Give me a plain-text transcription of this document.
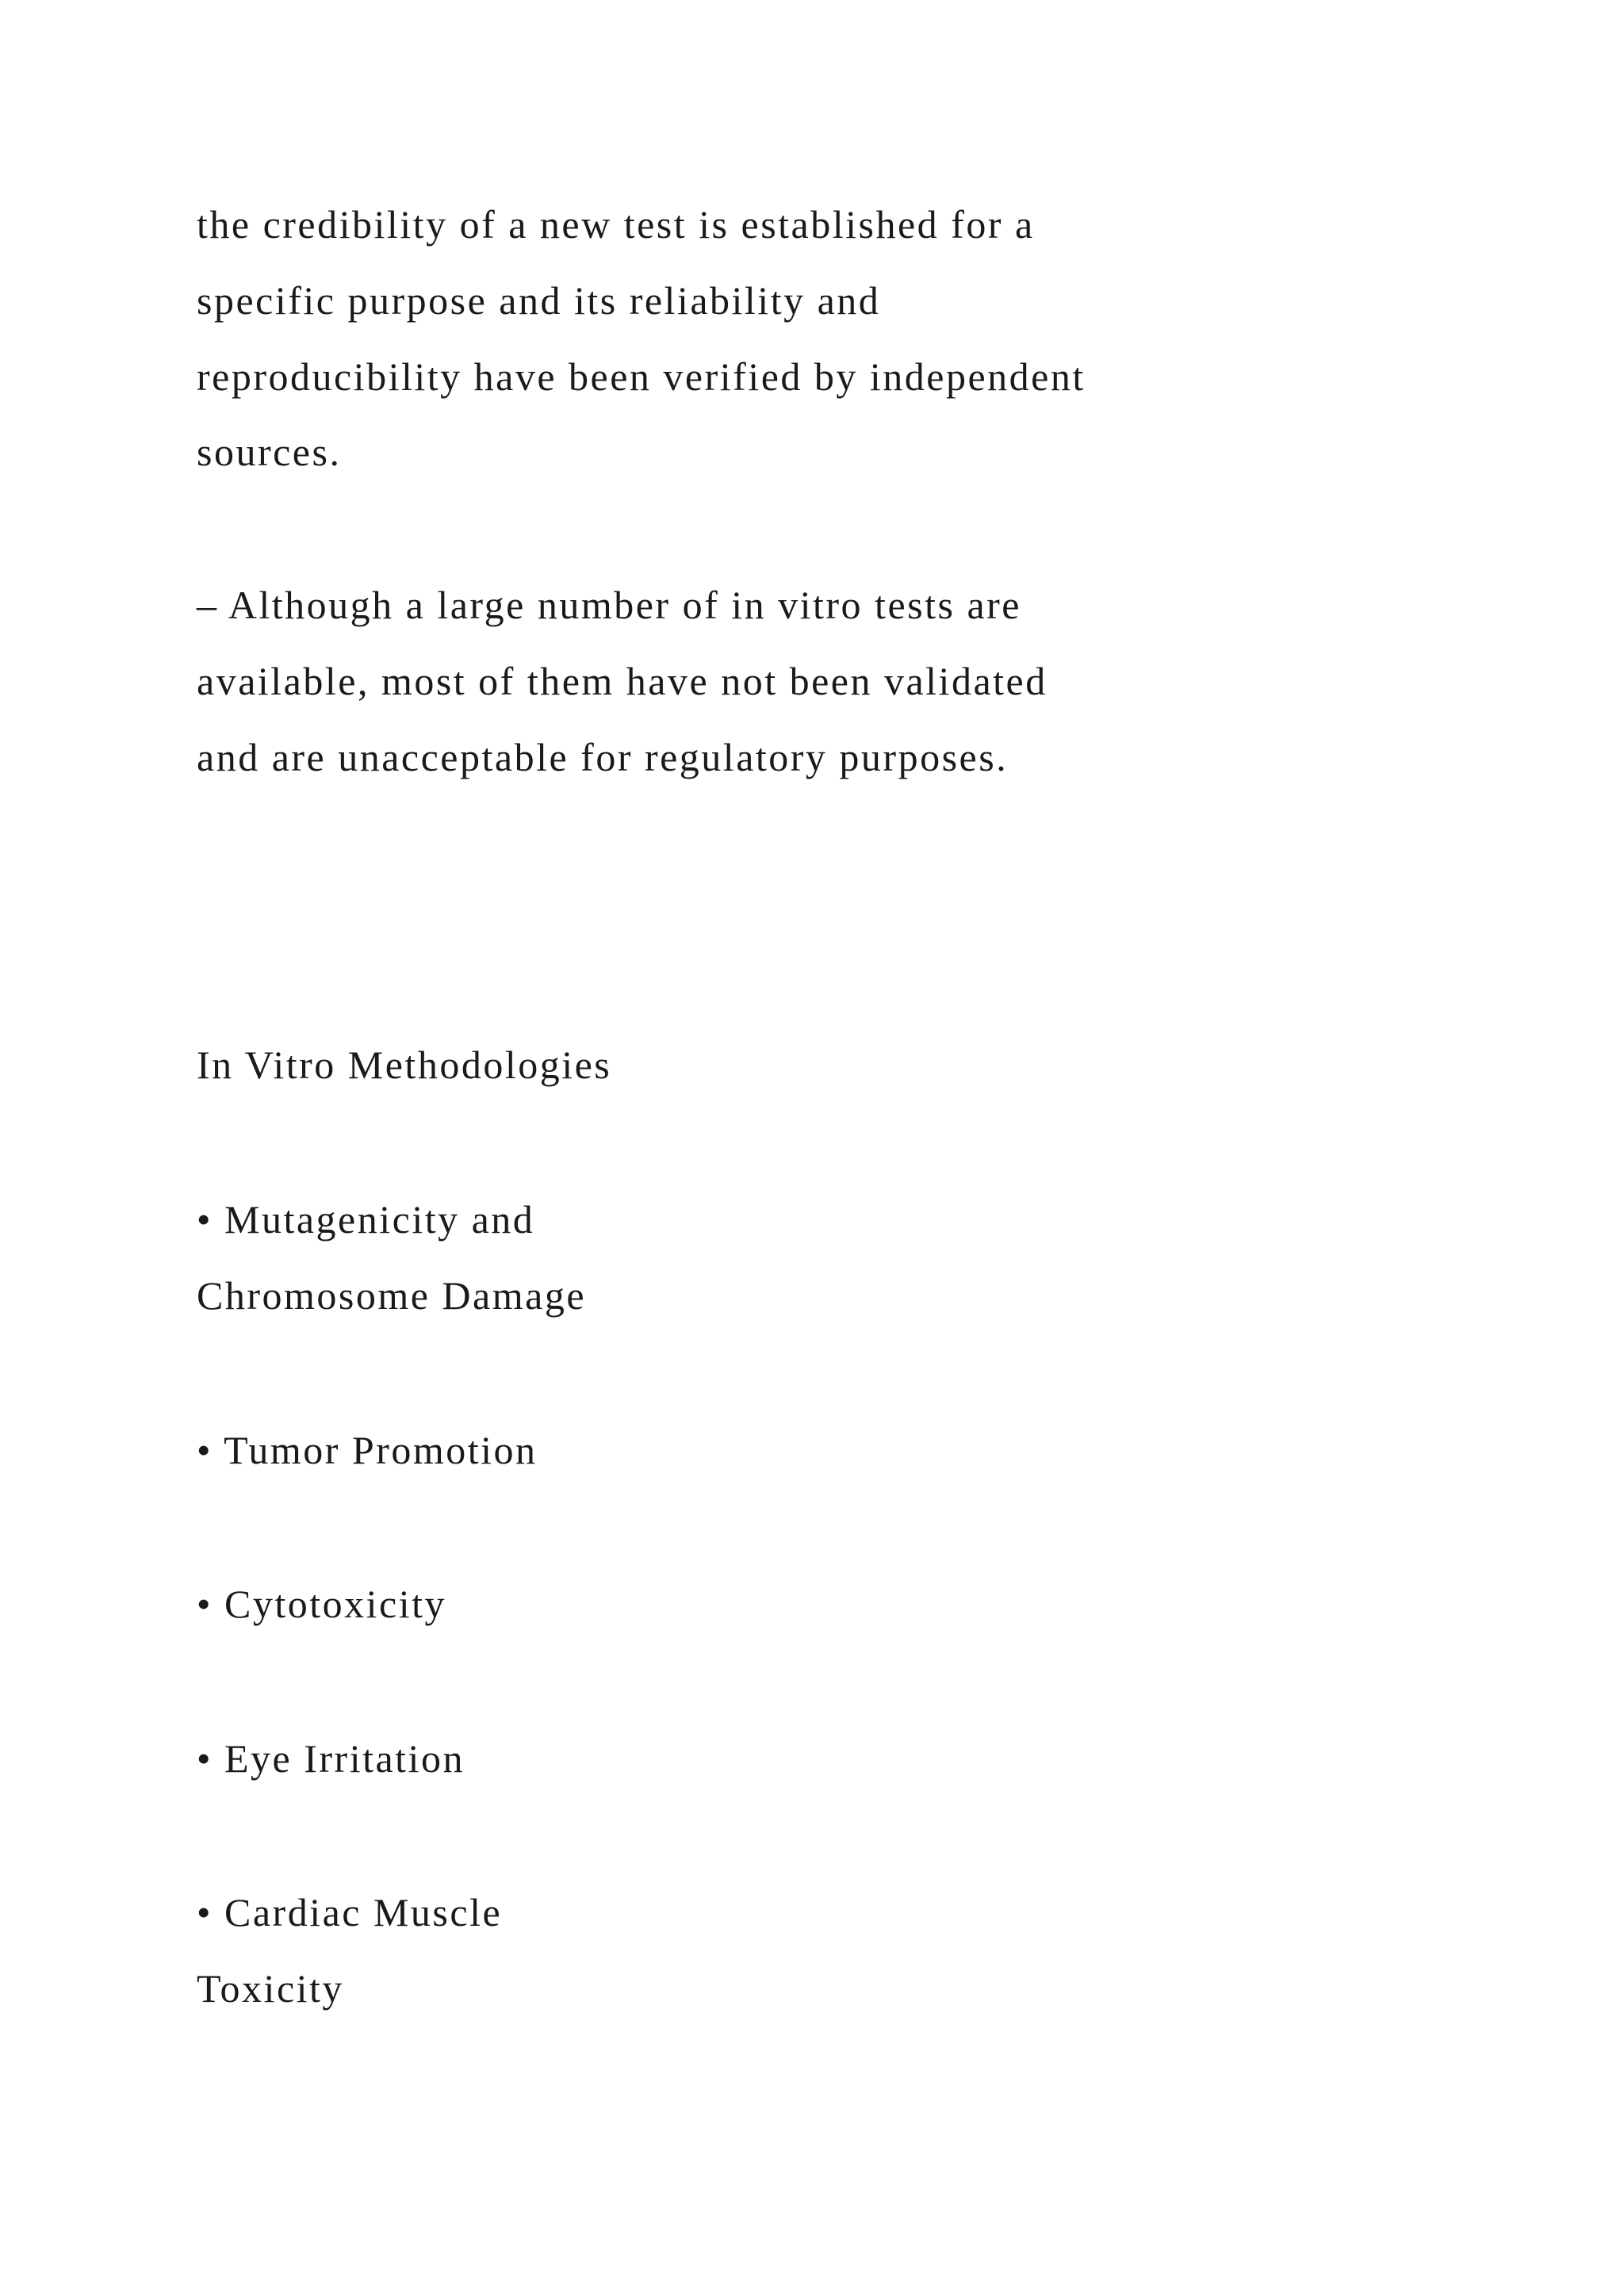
the credibility of a new test is established for a

specific purpose and its reliability and

reproducibility have been verified by independent

sources.

– Although a large number of in vitro tests are

available, most of them have not been validated

and are unacceptable for regulatory purposes.

In Vitro Methodologies

• Mutagenicity and

Chromosome Damage

• Tumor Promotion

• Cytotoxicity

• Eye Irritation

• Cardiac Muscle

Toxicity
